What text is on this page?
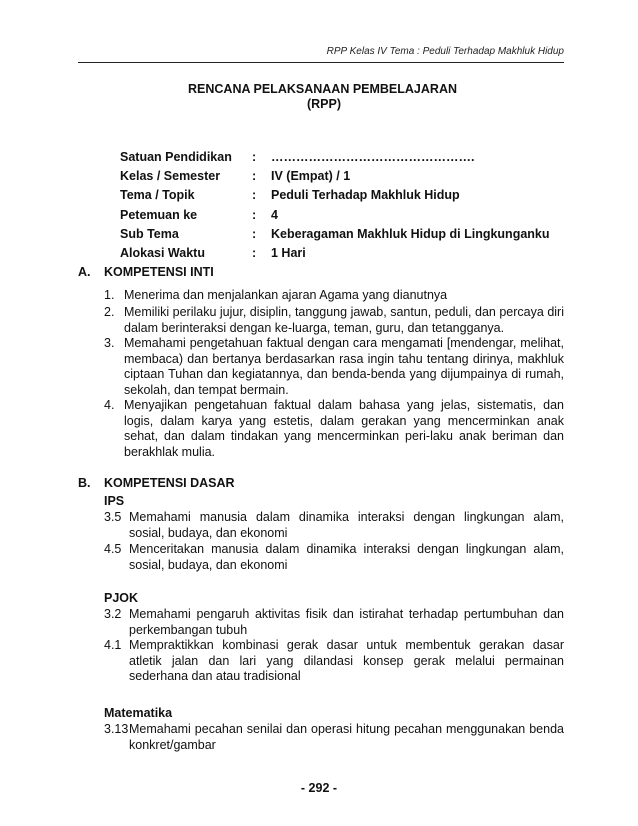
RPP Kelas IV Tema : Peduli Terhadap Makhluk Hidup
RENCANA PELAKSANAAN PEMBELAJARAN
(RPP)
Satuan Pendidikan	:	………………………………………….
Kelas / Semester	:	IV (Empat) / 1
Tema / Topik	:	Peduli Terhadap Makhluk Hidup
Petemuan ke	:	4
Sub Tema	:	Keberagaman Makhluk Hidup di Lingkunganku
Alokasi Waktu	:	1 Hari
A. KOMPETENSI INTI
1. Menerima dan menjalankan ajaran Agama yang dianutnya
2. Memiliki perilaku jujur, disiplin, tanggung jawab, santun, peduli, dan percaya diri dalam berinteraksi dengan ke-luarga, teman, guru, dan tetangganya.
3. Memahami pengetahuan faktual dengan cara mengamati [mendengar, melihat, membaca) dan bertanya berdasarkan rasa ingin tahu tentang dirinya, makhluk ciptaan Tuhan dan kegiatannya, dan benda-benda yang dijumpainya di rumah, sekolah, dan tempat bermain.
4. Menyajikan pengetahuan faktual dalam bahasa yang jelas, sistematis, dan logis, dalam karya yang estetis, dalam gerakan yang mencerminkan anak sehat, dan dalam tindakan yang mencerminkan peri-laku anak beriman dan berakhlak mulia.
B. KOMPETENSI DASAR
IPS
3.5 Memahami manusia dalam dinamika interaksi dengan lingkungan alam, sosial, budaya, dan ekonomi
4.5 Menceritakan manusia dalam dinamika interaksi dengan lingkungan alam, sosial, budaya, dan ekonomi
PJOK
3.2 Memahami pengaruh aktivitas fisik dan istirahat terhadap pertumbuhan dan perkembangan tubuh
4.1 Mempraktikkan kombinasi gerak dasar untuk membentuk gerakan dasar atletik jalan dan lari yang dilandasi konsep gerak melalui permainan sederhana dan atau tradisional
Matematika
3.13 Memahami pecahan senilai dan operasi hitung pecahan menggunakan benda konkret/gambar
- 292 -
